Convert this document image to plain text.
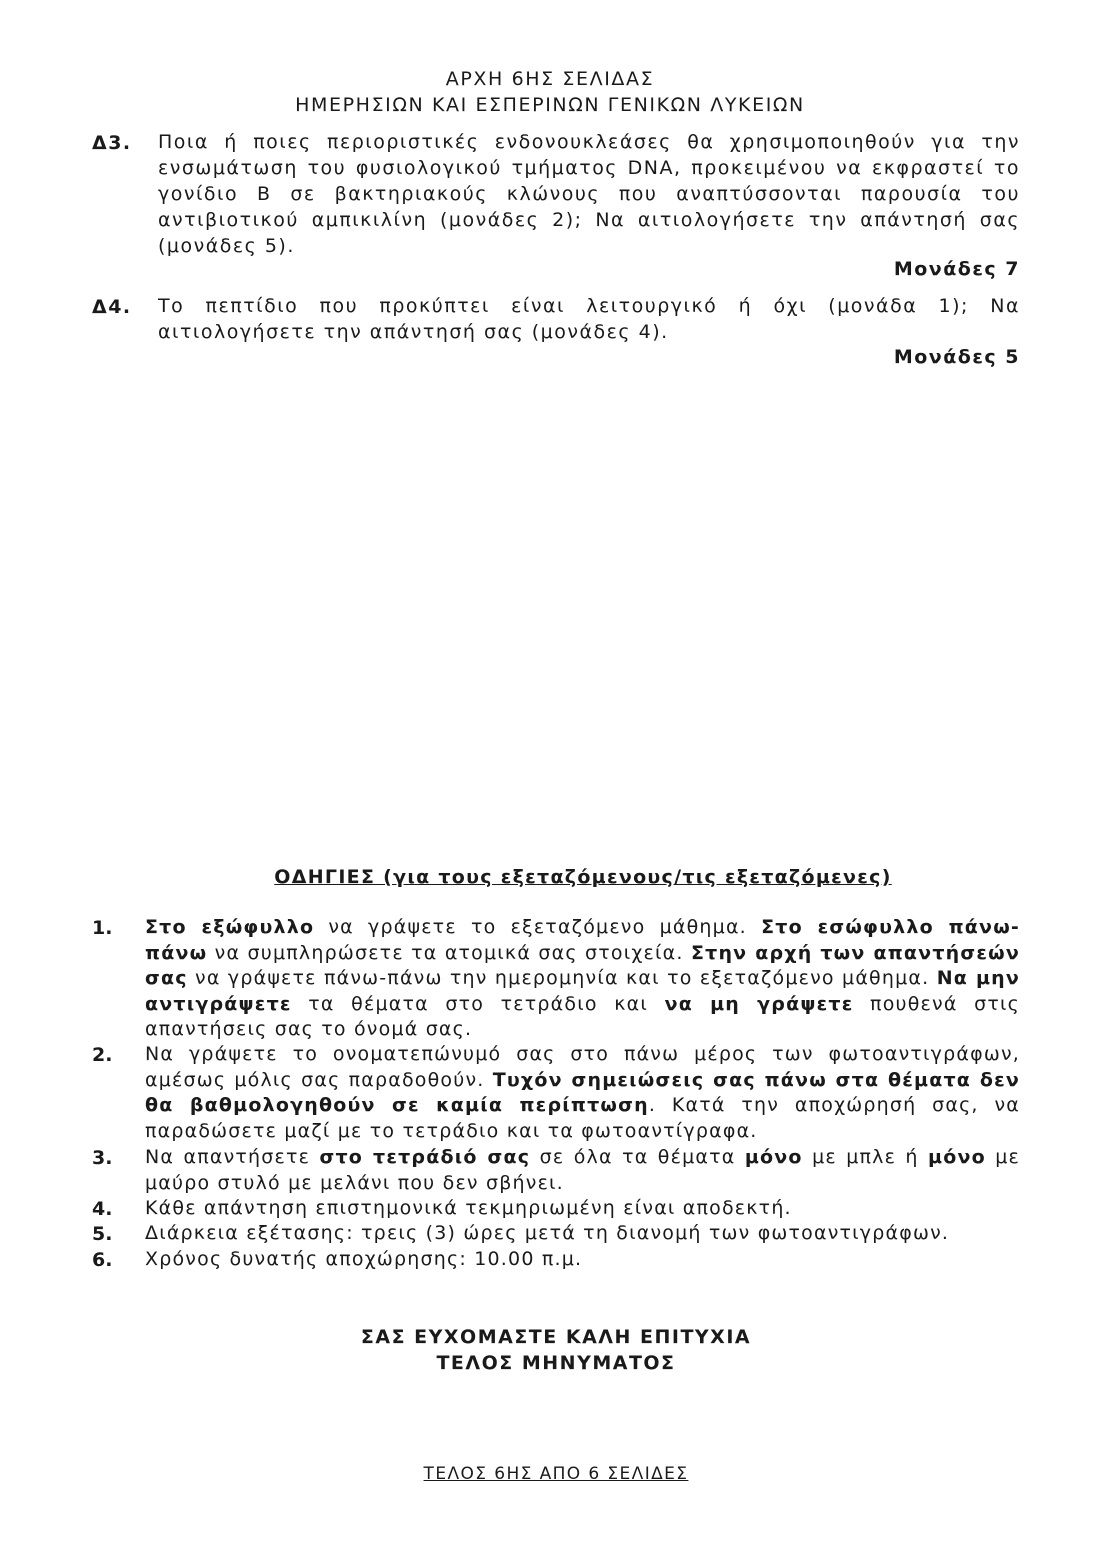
ΑΡΧΗ 6ΗΣ ΣΕΛΙΔΑΣ
ΗΜΕΡΗΣΙΩΝ ΚΑΙ ΕΣΠΕΡΙΝΩΝ ΓΕΝΙΚΩΝ ΛΥΚΕΙΩΝ
Δ3. Ποια ή ποιες περιοριστικές ενδονουκλεάσες θα χρησιμοποιηθούν για την ενσωμάτωση του φυσιολογικού τμήματος DNA, προκειμένου να εκφραστεί το γονίδιο Β σε βακτηριακούς κλώνους που αναπτύσσονται παρουσία του αντιβιοτικού αμπικιλίνη (μονάδες 2); Να αιτιολογήσετε την απάντησή σας (μονάδες 5).
Μονάδες 7
Δ4. Το πεπτίδιο που προκύπτει είναι λειτουργικό ή όχι (μονάδα 1); Να αιτιολογήσετε την απάντησή σας (μονάδες 4).
Μονάδες 5
ΟΔΗΓΙΕΣ (για τους εξεταζόμενους/τις εξεταζόμενες)
1. Στο εξώφυλλο να γράψετε το εξεταζόμενο μάθημα. Στο εσώφυλλο πάνω-πάνω να συμπληρώσετε τα ατομικά σας στοιχεία. Στην αρχή των απαντήσεών σας να γράψετε πάνω-πάνω την ημερομηνία και το εξεταζόμενο μάθημα. Να μην αντιγράψετε τα θέματα στο τετράδιο και να μη γράψετε πουθενά στις απαντήσεις σας το όνομά σας.
2. Να γράψετε το ονοματεπώνυμό σας στο πάνω μέρος των φωτοαντιγράφων, αμέσως μόλις σας παραδοθούν. Τυχόν σημειώσεις σας πάνω στα θέματα δεν θα βαθμολογηθούν σε καμία περίπτωση. Κατά την αποχώρησή σας, να παραδώσετε μαζί με το τετράδιο και τα φωτοαντίγραφα.
3. Να απαντήσετε στο τετράδιό σας σε όλα τα θέματα μόνο με μπλε ή μόνο με μαύρο στυλό με μελάνι που δεν σβήνει.
4. Κάθε απάντηση επιστημονικά τεκμηριωμένη είναι αποδεκτή.
5. Διάρκεια εξέτασης: τρεις (3) ώρες μετά τη διανομή των φωτοαντιγράφων.
6. Χρόνος δυνατής αποχώρησης: 10.00 π.μ.
ΣΑΣ ΕΥΧΟΜΑΣΤΕ ΚΑΛΗ ΕΠΙΤΥΧΙΑ
ΤΕΛΟΣ ΜΗΝΥΜΑΤΟΣ
ΤΕΛΟΣ 6ΗΣ ΑΠΟ 6 ΣΕΛΙΔΕΣ
